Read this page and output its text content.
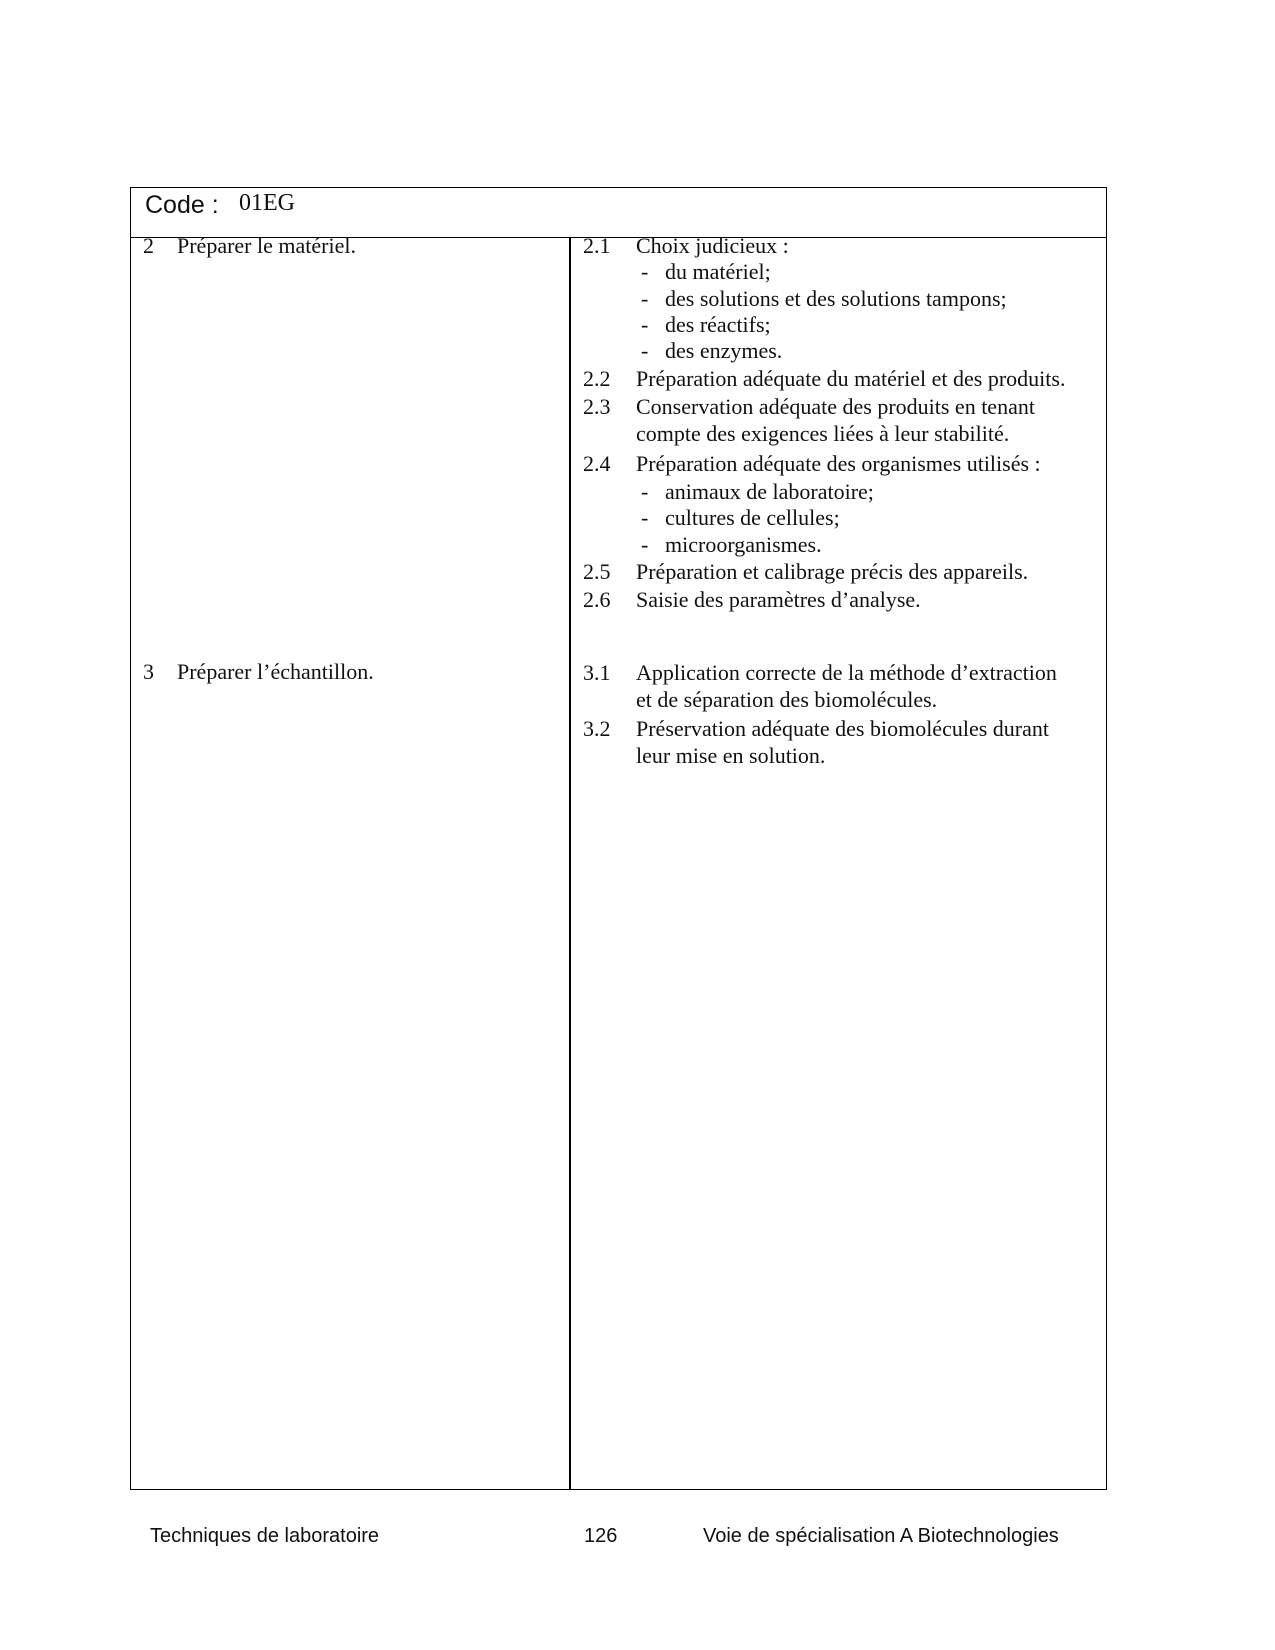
Code : 01EG
2 Préparer le matériel.
3 Préparer l’échantillon.
2.1 Choix judicieux :
- du matériel;
- des solutions et des solutions tampons;
- des réactifs;
- des enzymes.
2.2 Préparation adéquate du matériel et des produits.
2.3 Conservation adéquate des produits en tenant
compte des exigences liées à leur stabilité.
2.4 Préparation adéquate des organismes utilisés :
- animaux de laboratoire;
- cultures de cellules;
- microorganismes.
2.5 Préparation et calibrage précis des appareils.
2.6 Saisie des paramètres d’analyse.
3.1 Application correcte de la méthode d’extraction
et de séparation des biomolécules.
3.2 Préservation adéquate des biomolécules durant
leur mise en solution.
Techniques de laboratoire	126	Voie de spécialisation A Biotechnologies
